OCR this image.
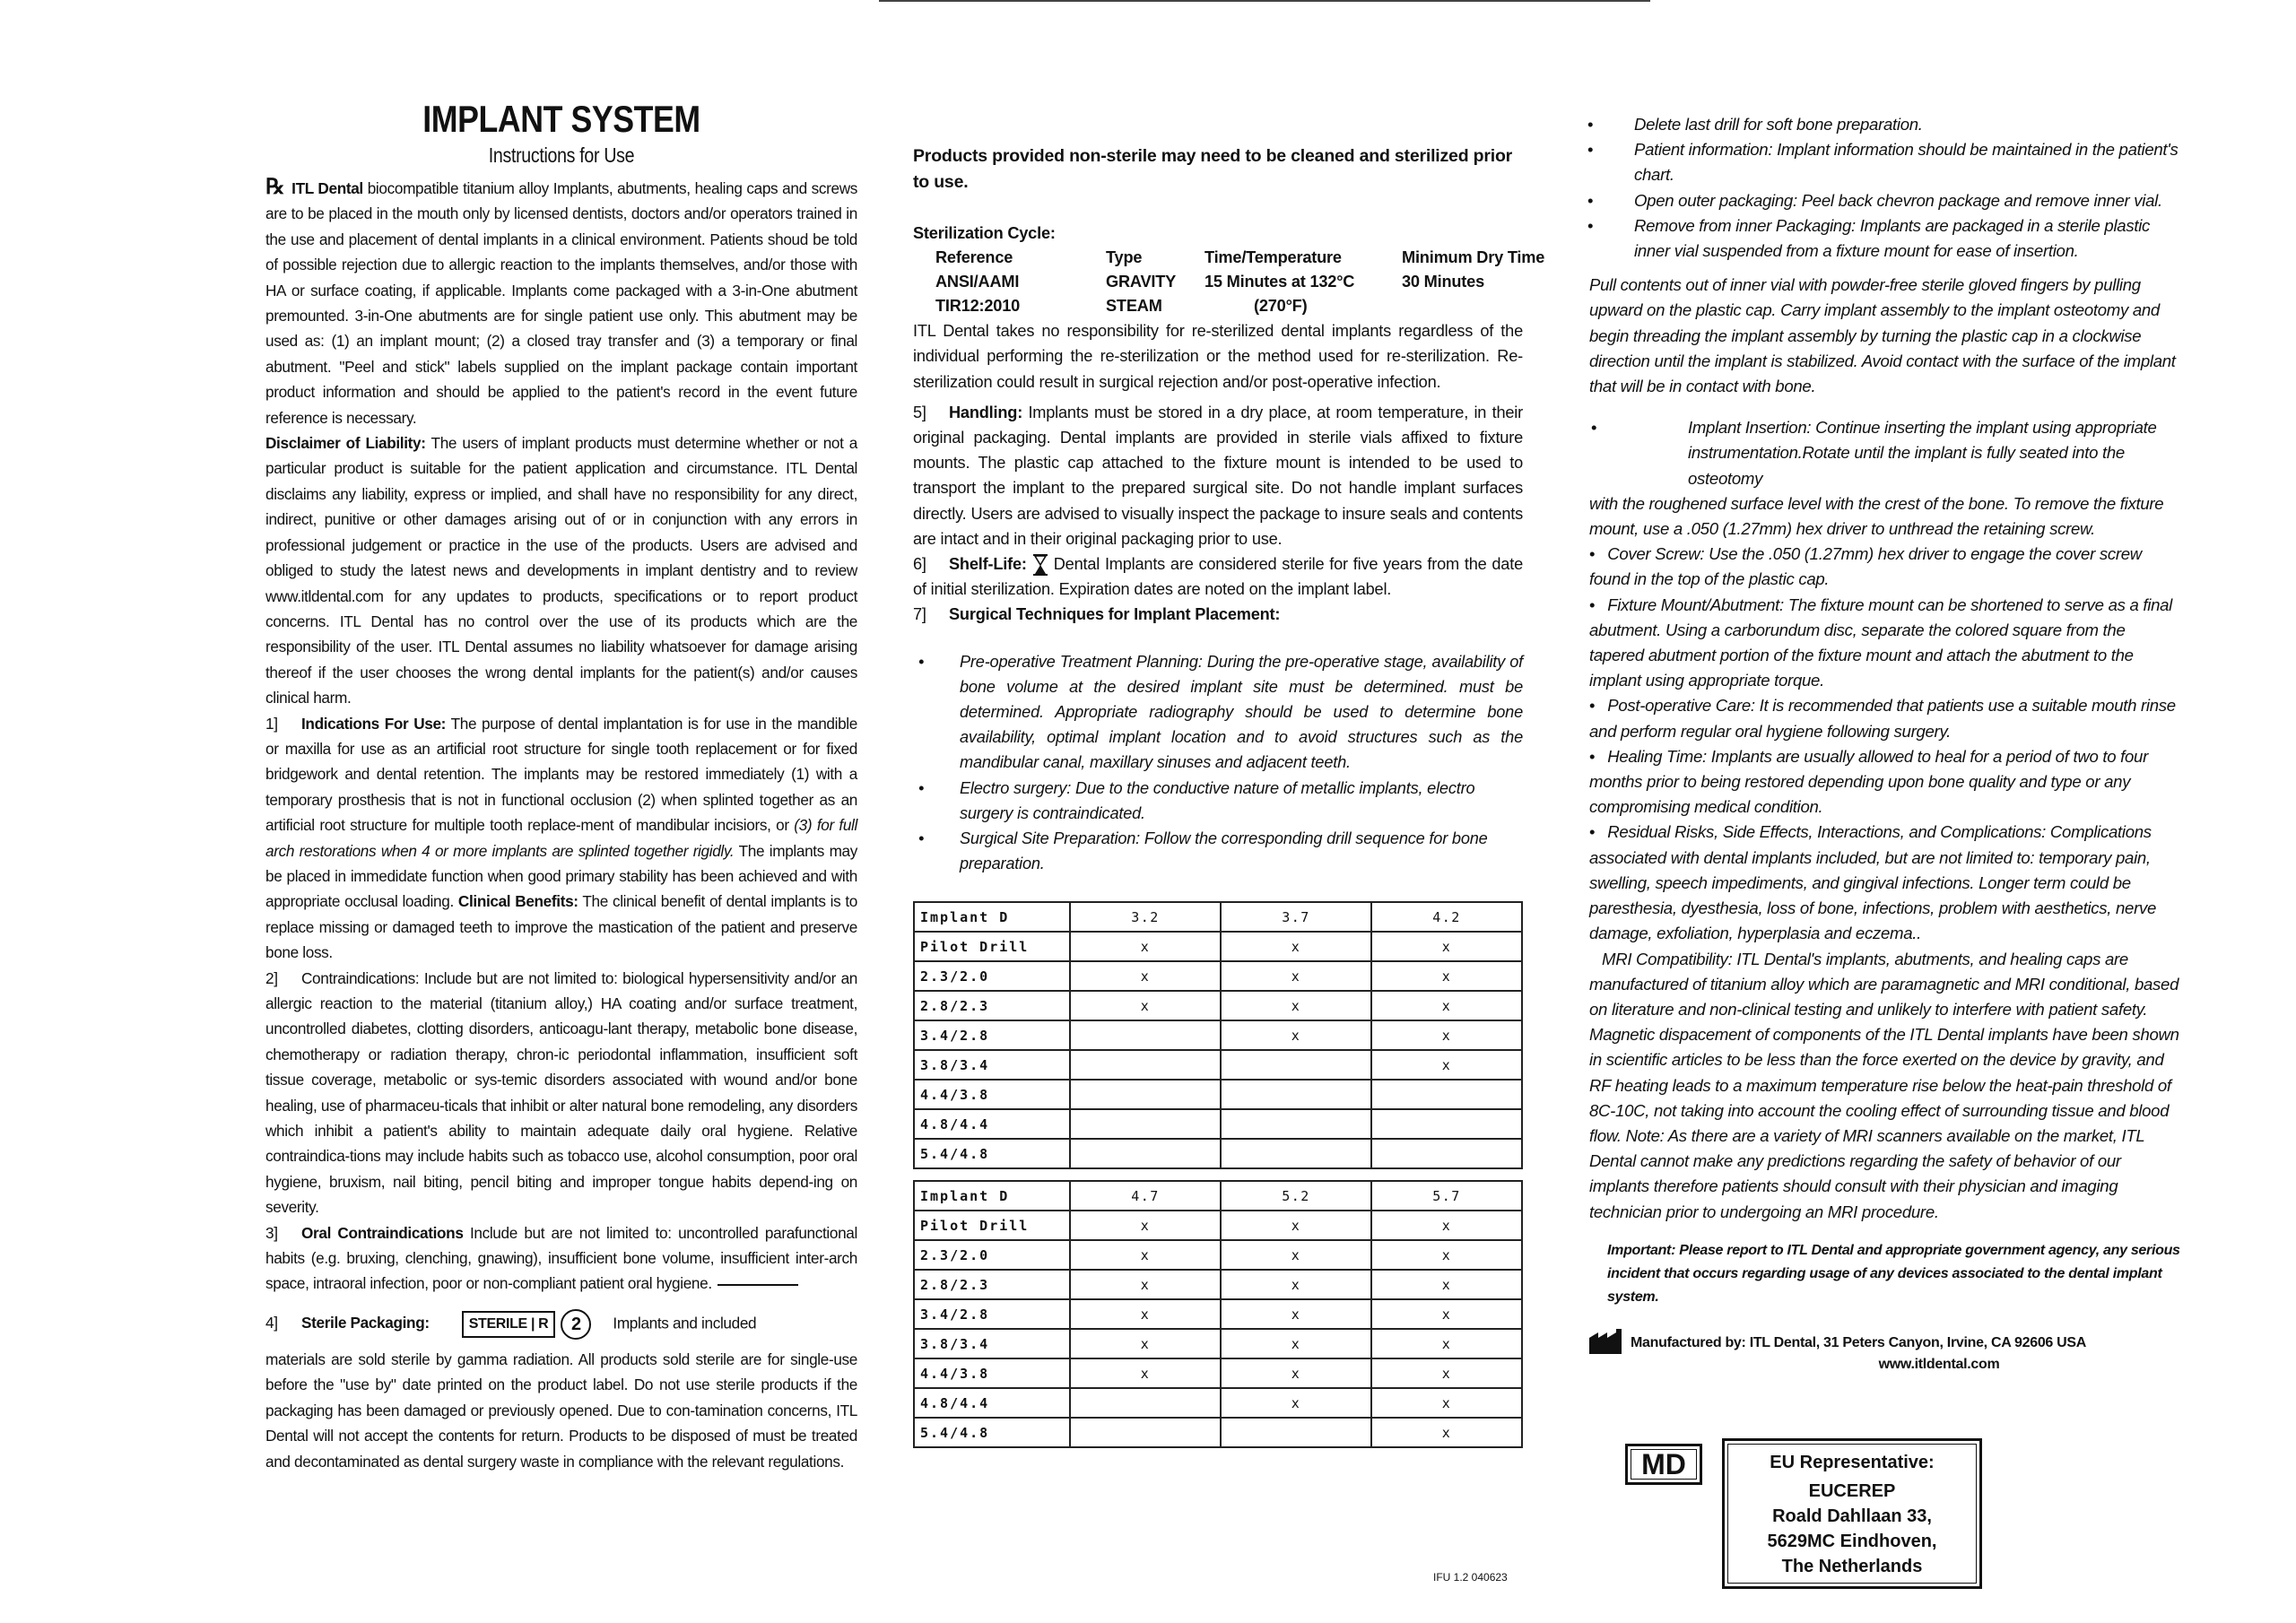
IMPLANT SYSTEM
Instructions for Use

℞ ITL Dental biocompatible titanium alloy Implants, abutments, healing caps and screws are to be placed in the mouth only by licensed dentists, doctors and/or operators trained in the use and placement of dental implants in a clinical environment. Patients shoud be told of possible rejection due to allergic reaction to the implants themselves, and/or those with HA or surface coating, if applicable. Implants come packaged with a 3-in-One abutment premounted. 3-in-One abutments are for single patient use only. This abutment may be used as: (1) an implant mount; (2) a closed tray transfer and (3) a temporary or final abutment. "Peel and stick" labels supplied on the implant package contain important product information and should be applied to the patient's record in the event future reference is necessary.

Disclaimer of Liability: The users of implant products must determine whether or not a particular product is suitable for the patient application and circumstance. ITL Dental disclaims any liability, express or implied, and shall have no responsibility for any direct, indirect, punitive or other damages arising out of or in conjunction with any errors in professional judgement or practice in the use of the products. Users are advised and obliged to study the latest news and developments in implant dentistry and to review www.itldental.com for any updates to products, specifications or to report product concerns. ITL Dental has no control over the use of its products which are the responsibility of the user. ITL Dental assumes no liability whatsoever for damage arising thereof if the user chooses the wrong dental implants for the patient(s) and/or causes clinical harm.

1] Indications For Use: The purpose of dental implantation is for use in the mandible or maxilla for use as an artificial root structure for single tooth replacement or for fixed bridgework and dental retention. The implants may be restored immediately (1) with a temporary prosthesis that is not in functional occlusion (2) when splinted together as an artificial root structure for multiple tooth replace-ment of mandibular incisiors, or (3) for full arch restorations when 4 or more implants are splinted together rigidly. The implants may be placed in immedidate function when good primary stability has been achieved and with appropriate occlusal loading. Clinical Benefits: The clinical benefit of dental implants is to replace missing or damaged teeth to improve the mastication of the patient and preserve bone loss.

2] Contraindications: Include but are not limited to: biological hypersensitivity and/or an allergic reaction to the material (titanium alloy,) HA coating and/or surface treatment, uncontrolled diabetes, clotting disorders, anticoagu-lant therapy, metabolic bone disease, chemotherapy or radiation therapy, chron-ic periodontal inflammation, insufficient soft tissue coverage, metabolic or sys-temic disorders associated with wound and/or bone healing, use of pharmaceu-ticals that inhibit or alter natural bone remodeling, any disorders which inhibit a patient's ability to maintain adequate daily oral hygiene. Relative contraindica-tions may include habits such as tobacco use, alcohol consumption, poor oral hygiene, bruxism, nail biting, pencil biting and improper tongue habits depend-ing on severity.

3] Oral Contraindications Include but are not limited to: uncontrolled parafunctional habits (e.g. bruxing, clenching, gnawing), insufficient bone volume, insufficient inter-arch space, intraoral infection, poor or non-compliant patient oral hygiene.

4] Sterile Packaging:	STERILE | R 2 Implants and included

materials are sold sterile by gamma radiation. All products sold sterile are for single-use before the "use by" date printed on the product label. Do not use sterile products if the packaging has been damaged or previously opened. Due to con-tamination concerns, ITL Dental will not accept the contents for return. Products to be disposed of must be treated and decontaminated as dental surgery waste in compliance with the relevant regulations.

Products provided non-sterile may need to be cleaned and sterilized prior to use.

Sterilization Cycle:

Reference	Type	Time/Temperature	Minimum Dry Time
ANSI/AAMI	GRAVITY	15 Minutes at 132°C	30 Minutes
TIR12:2010	STEAM	(270°F)

ITL Dental takes no responsibility for re-sterilized dental implants regardless of the individual performing the re-sterilization or the method used for re-sterilization. Re-sterilization could result in surgical rejection and/or post-operative infection.

5] Handling: Implants must be stored in a dry place, at room temperature, in their original packaging. Dental implants are provided in sterile vials affixed to fixture mounts. The plastic cap attached to the fixture mount is intended to be used to transport the implant to the prepared surgical site. Do not handle implant surfaces directly. Users are advised to visually inspect the package to insure seals and contents are intact and in their original packaging prior to use.

6] Shelf-Life: Dental Implants are considered sterile for five years from the date of initial sterilization. Expiration dates are noted on the implant label.

7] Surgical Techniques for Implant Placement:

• Pre-operative Treatment Planning: During the pre-operative stage, availability of bone volume at the desired implant site must be determined. must be determined. Appropriate radiography should be used to determine bone availability, optimal implant location and to avoid structures such as the mandibular canal, maxillary sinuses and adjacent teeth.

• Electro surgery: Due to the conductive nature of metallic implants, electro surgery is contraindicated.

• Surgical Site Preparation: Follow the corresponding drill sequence for bone preparation.

Implant D	3.2	3.7	4.2
Pilot Drill	x	x	x
2.3/2.0	x	x	x
2.8/2.3	x	x	x
3.4/2.8		x	x
3.8/3.4			x
4.4/3.8			
4.8/4.4			
5.4/4.8			
Implant D	4.7	5.2	5.7
Pilot Drill	x	x	x
2.3/2.0	x	x	x
2.8/2.3	x	x	x
3.4/2.8	x	x	x
3.8/3.4	x	x	x
4.4/3.8	x	x	x
4.8/4.4		x	x
5.4/4.8			x
IFU 1.2 040623

• Delete last drill for soft bone preparation.

• Patient information: Implant information should be maintained in the patient's chart.

• Open outer packaging: Peel back chevron package and remove inner vial.

• Remove from inner Packaging: Implants are packaged in a sterile plastic inner vial suspended from a fixture mount for ease of insertion.

Pull contents out of inner vial with powder-free sterile gloved fingers by pulling upward on the plastic cap. Carry implant assembly to the implant osteotomy and begin threading the implant assembly by turning the plastic cap in a clockwise direction until the implant is stabilized. Avoid contact with the surface of the implant that will be in contact with bone.

•	Implant Insertion: Continue inserting the implant using appropriate instrumentation.Rotate until the implant is fully seated into the osteotomy

with the roughened surface level with the crest of the bone. To remove the fixture mount, use a .050 (1.27mm) hex driver to unthread the retaining screw.

• Cover Screw: Use the .050 (1.27mm) hex driver to engage the cover screw found in the top of the plastic cap.

• Fixture Mount/Abutment: The fixture mount can be shortened to serve as a final abutment. Using a carborundum disc, separate the colored square from the tapered abutment portion of the fixture mount and attach the abutment to the implant using appropriate torque.

• Post-operative Care: It is recommended that patients use a suitable mouth rinse and perform regular oral hygiene following surgery.

• Healing Time: Implants are usually allowed to heal for a period of two to four months prior to being restored depending upon bone quality and type or any compromising medical condition.

• Residual Risks, Side Effects, Interactions, and Complications: Complications associated with dental implants included, but are not limited to: temporary pain, swelling, speech impediments, and gingival infections. Longer term could be paresthesia, dyesthesia, loss of bone, infections, problem with aesthetics, nerve damage, exfoliation, hyperplasia and eczema..

MRI Compatibility: ITL Dental's implants, abutments, and healing caps are manufactured of titanium alloy which are paramagnetic and MRI conditional, based on literature and non-clinical testing and unlikely to interfere with patient safety. Magnetic dispacement of components of the ITL Dental implants have been shown in scientific articles to be less than the force exerted on the device by gravity, and RF heating leads to a maximum temperature rise below the heat-pain threshold of 8C-10C, not taking into account the cooling effect of surrounding tissue and blood flow. Note: As there are a variety of MRI scanners available on the market, ITL Dental cannot make any predictions regarding the safety of behavior of our implants therefore patients should consult with their physician and imaging technician prior to undergoing an MRI procedure.

Important: Please report to ITL Dental and appropriate government agency, any serious incident that occurs regarding usage of any devices associated to the dental implant system.

Manufactured by: ITL Dental, 31 Peters Canyon, Irvine, CA 92606 USA
www.itldental.com
MD	EU Representative:
EUCEREP
Roald Dahllaan 33,
5629MC Eindhoven,
The Netherlands
